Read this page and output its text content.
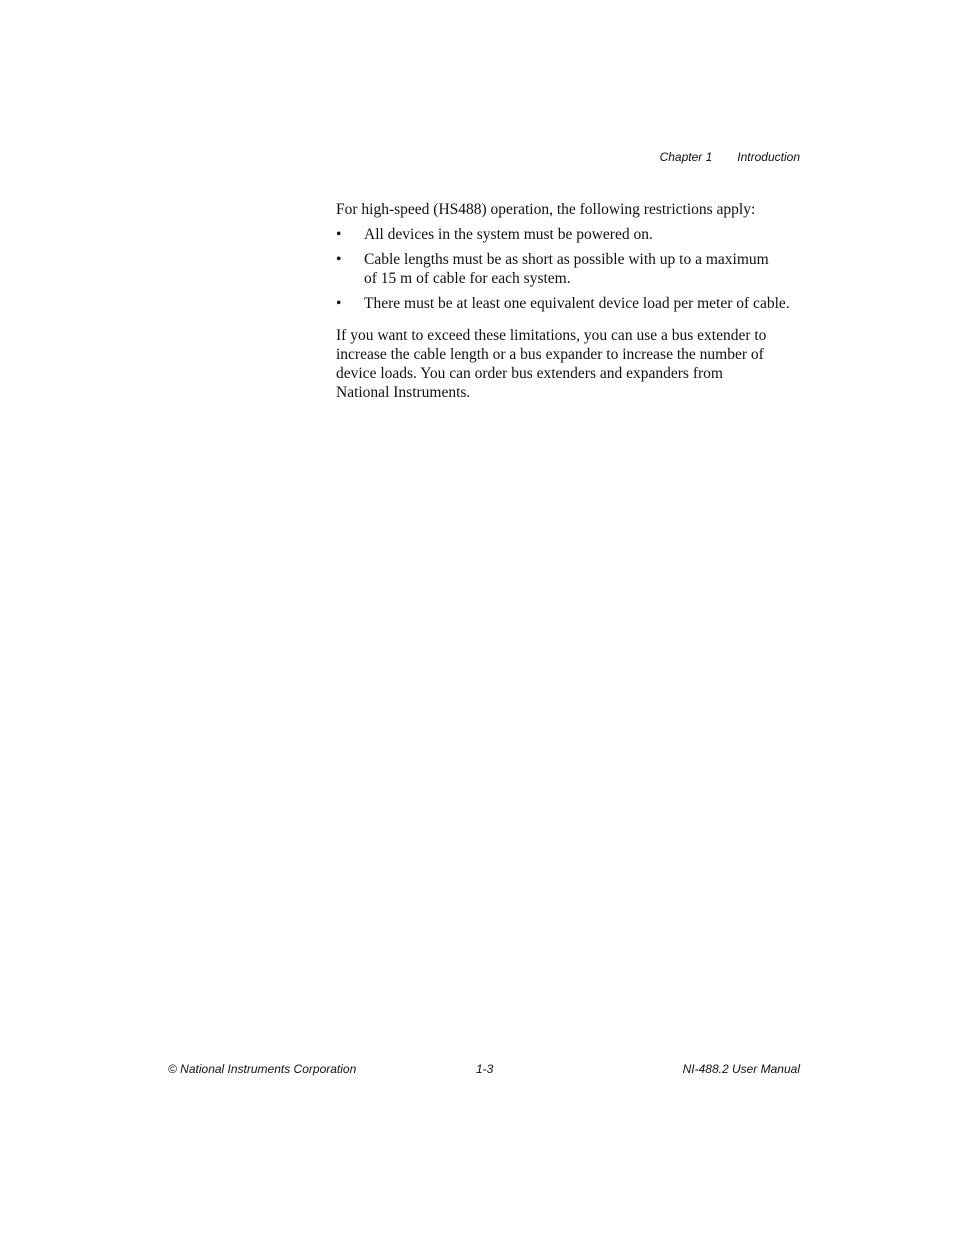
Chapter 1 Introduction

For high-speed (HS488) operation, the following restrictions apply:

• All devices in the system must be powered on.
• Cable lengths must be as short as possible with up to a maximum of 15 m of cable for each system.
• There must be at least one equivalent device load per meter of cable.

If you want to exceed these limitations, you can use a bus extender to increase the cable length or a bus expander to increase the number of device loads. You can order bus extenders and expanders from National Instruments.

© National Instruments Corporation	1-3	NI-488.2 User Manual
